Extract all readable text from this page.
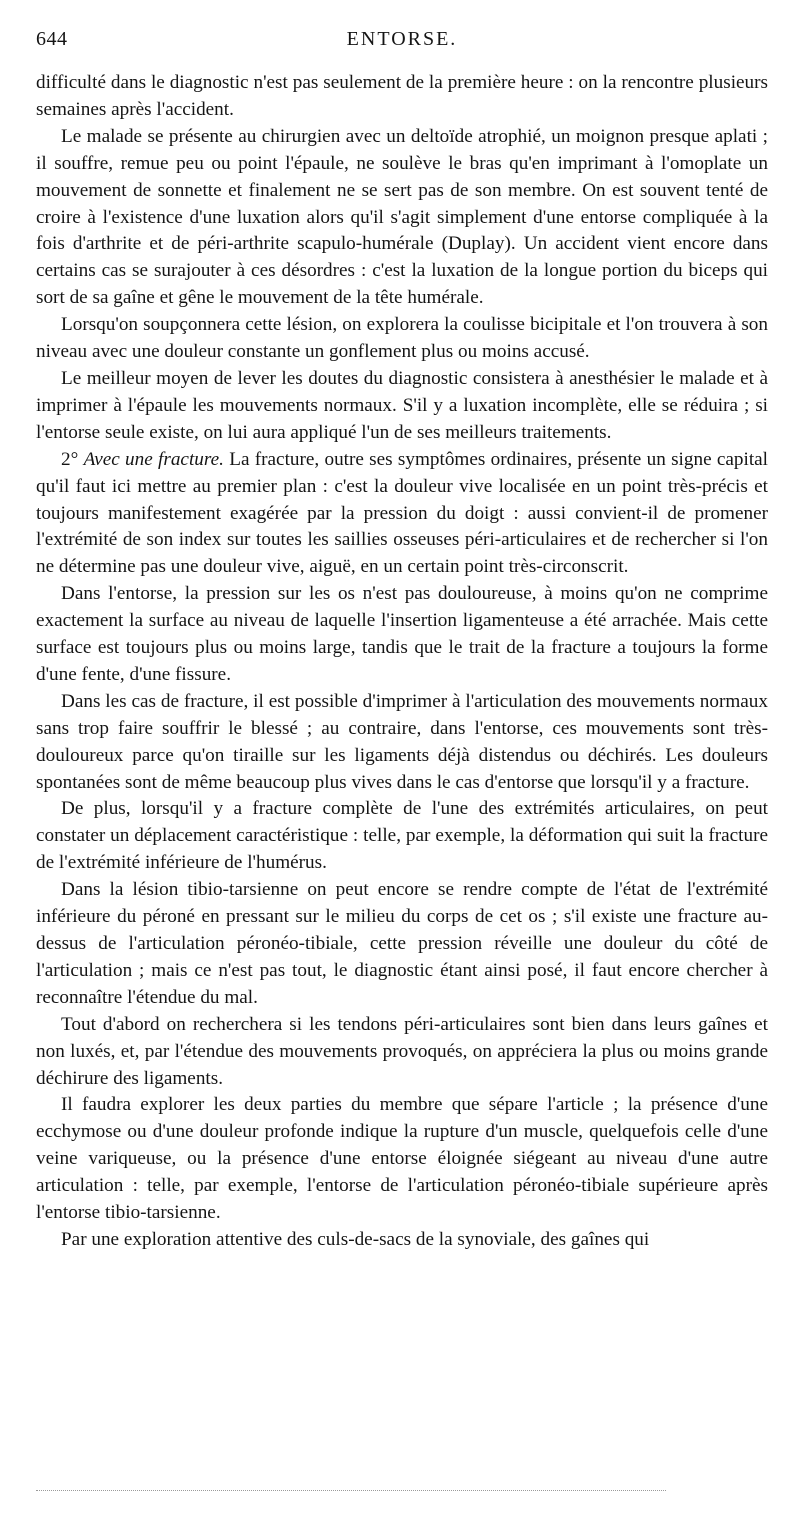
644	ENTORSE.

difficulté dans le diagnostic n'est pas seulement de la première heure : on la rencontre plusieurs semaines après l'accident.

Le malade se présente au chirurgien avec un deltoïde atrophié, un moignon presque aplati ; il souffre, remue peu ou point l'épaule, ne soulève le bras qu'en imprimant à l'omoplate un mouvement de sonnette et finalement ne se sert pas de son membre. On est souvent tenté de croire à l'existence d'une luxation alors qu'il s'agit simplement d'une entorse compliquée à la fois d'arthrite et de péri-arthrite scapulo-humérale (Duplay). Un accident vient encore dans certains cas se surajouter à ces désordres : c'est la luxation de la longue portion du biceps qui sort de sa gaîne et gêne le mouvement de la tête humérale.

Lorsqu'on soupçonnera cette lésion, on explorera la coulisse bicipitale et l'on trouvera à son niveau avec une douleur constante un gonflement plus ou moins accusé.

Le meilleur moyen de lever les doutes du diagnostic consistera à anesthésier le malade et à imprimer à l'épaule les mouvements normaux. S'il y a luxation incomplète, elle se réduira ; si l'entorse seule existe, on lui aura appliqué l'un de ses meilleurs traitements.

2° Avec une fracture. La fracture, outre ses symptômes ordinaires, présente un signe capital qu'il faut ici mettre au premier plan : c'est la douleur vive localisée en un point très-précis et toujours manifestement exagérée par la pression du doigt : aussi convient-il de promener l'extrémité de son index sur toutes les saillies osseuses péri-articulaires et de rechercher si l'on ne détermine pas une douleur vive, aiguë, en un certain point très-circonscrit.

Dans l'entorse, la pression sur les os n'est pas douloureuse, à moins qu'on ne comprime exactement la surface au niveau de laquelle l'insertion ligamenteuse a été arrachée. Mais cette surface est toujours plus ou moins large, tandis que le trait de la fracture a toujours la forme d'une fente, d'une fissure.

Dans les cas de fracture, il est possible d'imprimer à l'articulation des mouvements normaux sans trop faire souffrir le blessé ; au contraire, dans l'entorse, ces mouvements sont très-douloureux parce qu'on tiraille sur les ligaments déjà distendus ou déchirés. Les douleurs spontanées sont de même beaucoup plus vives dans le cas d'entorse que lorsqu'il y a fracture.

De plus, lorsqu'il y a fracture complète de l'une des extrémités articulaires, on peut constater un déplacement caractéristique : telle, par exemple, la déformation qui suit la fracture de l'extrémité inférieure de l'humérus.

Dans la lésion tibio-tarsienne on peut encore se rendre compte de l'état de l'extrémité inférieure du péroné en pressant sur le milieu du corps de cet os ; s'il existe une fracture au-dessus de l'articulation péronéo-tibiale, cette pression réveille une douleur du côté de l'articulation ; mais ce n'est pas tout, le diagnostic étant ainsi posé, il faut encore chercher à reconnaître l'étendue du mal.

Tout d'abord on recherchera si les tendons péri-articulaires sont bien dans leurs gaînes et non luxés, et, par l'étendue des mouvements provoqués, on appréciera la plus ou moins grande déchirure des ligaments.

Il faudra explorer les deux parties du membre que sépare l'article ; la présence d'une ecchymose ou d'une douleur profonde indique la rupture d'un muscle, quelquefois celle d'une veine variqueuse, ou la présence d'une entorse éloignée siégeant au niveau d'une autre articulation : telle, par exemple, l'entorse de l'articulation péronéo-tibiale supérieure après l'entorse tibio-tarsienne.

Par une exploration attentive des culs-de-sacs de la synoviale, des gaînes qui
